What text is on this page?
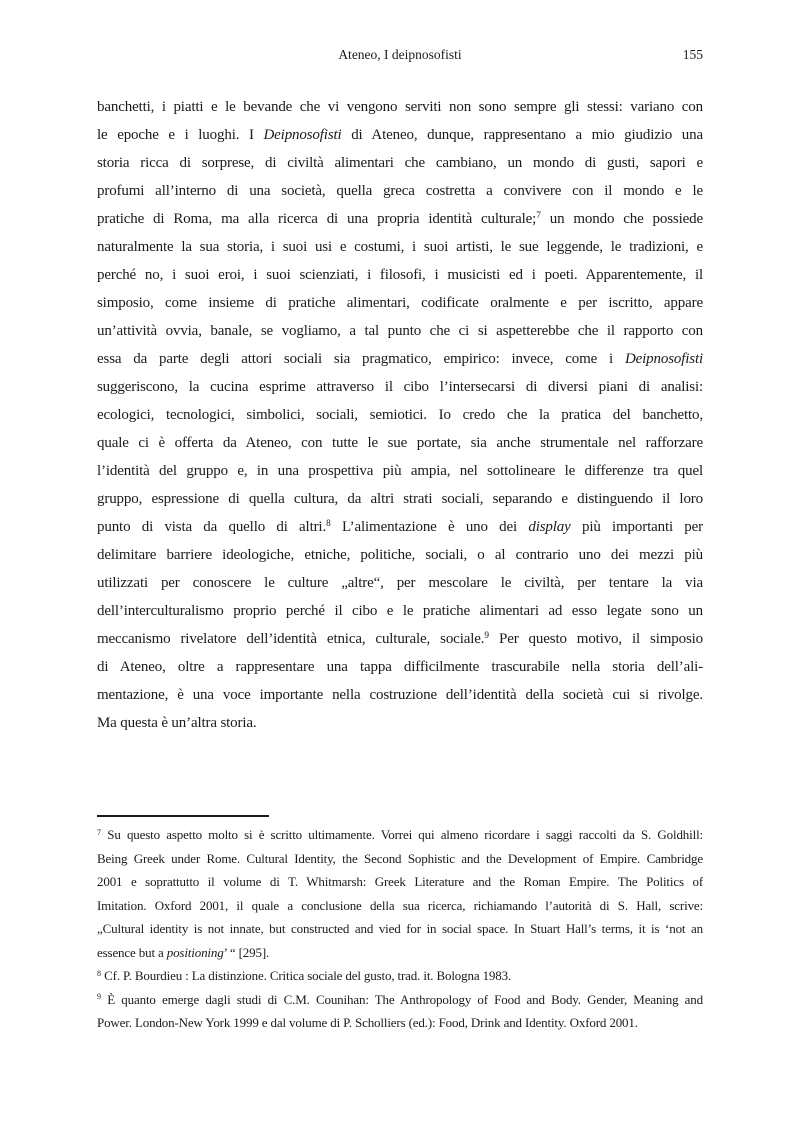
Ateneo, I deipnosofisti	155
banchetti, i piatti e le bevande che vi vengono serviti non sono sempre gli stessi: variano con
le epoche e i luoghi. I Deipnosofisti di Ateneo, dunque, rappresentano a mio giudizio una
storia ricca di sorprese, di civiltà alimentari che cambiano, un mondo di gusti, sapori e
profumi all’interno di una società, quella greca costretta a convivere con il mondo e le
pratiche di Roma, ma alla ricerca di una propria identità culturale;$^7$ un mondo che possiede
naturalmente la sua storia, i suoi usi e costumi, i suoi artisti, le sue leggende, le tradizioni, e
perché no, i suoi eroi, i suoi scienziati, i filosofi, i musicisti ed i poeti. Apparentemente, il
simposio, come insieme di pratiche alimentari, codificate oralmente e per iscritto, appare
un’attività ovvia, banale, se vogliamo, a tal punto che ci si aspetterebbe che il rapporto con
essa da parte degli attori sociali sia pragmatico, empirico: invece, come i Deipnosofisti
suggeriscono, la cucina esprime attraverso il cibo l’intersecarsi di diversi piani di analisi:
ecologici, tecnologici, simbolici, sociali, semiotici. Io credo che la pratica del banchetto,
quale ci è offerta da Ateneo, con tutte le sue portate, sia anche strumentale nel rafforzare
l’identità del gruppo e, in una prospettiva più ampia, nel sottolineare le differenze tra quel
gruppo, espressione di quella cultura, da altri strati sociali, separando e distinguendo il loro
punto di vista da quello di altri.$^8$ L’alimentazione è uno dei display più importanti per
delimitare barriere ideologiche, etniche, politiche, sociali, o al contrario uno dei mezzi più
utilizzati per conoscere le culture „altre“, per mescolare le civiltà, per tentare la via
dell’interculturalismo proprio perché il cibo e le pratiche alimentari ad esso legate sono un
meccanismo rivelatore dell’identità etnica, culturale, sociale.$^9$ Per questo motivo, il simposio
di Ateneo, oltre a rappresentare una tappa difficilmente trascurabile nella storia dell’ali-
mentazione, è una voce importante nella costruzione dell’identità della società cui si rivolge.
Ma questa è un’altra storia.
$^7$ Su questo aspetto molto si è scritto ultimamente. Vorrei qui almeno ricordare i saggi raccolti da S. Goldhill:
Being Greek under Rome. Cultural Identity, the Second Sophistic and the Development of Empire. Cambridge
2001 e soprattutto il volume di T. Whitmarsh: Greek Literature and the Roman Empire. The Politics of
Imitation. Oxford 2001, il quale a conclusione della sua ricerca, richiamando l’autorità di S. Hall, scrive:
„Cultural identity is not innate, but constructed and vied for in social space. In Stuart Hall’s terms, it is ‘not an
essence but a positioning’ “ [295].
$^8$ Cf. P. Bourdieu : La distinzione. Critica sociale del gusto, trad. it. Bologna 1983.
$^9$ È quanto emerge dagli studi di C.M. Counihan: The Anthropology of Food and Body. Gender, Meaning and
Power. London-New York 1999 e dal volume di P. Scholliers (ed.): Food, Drink and Identity. Oxford 2001.
